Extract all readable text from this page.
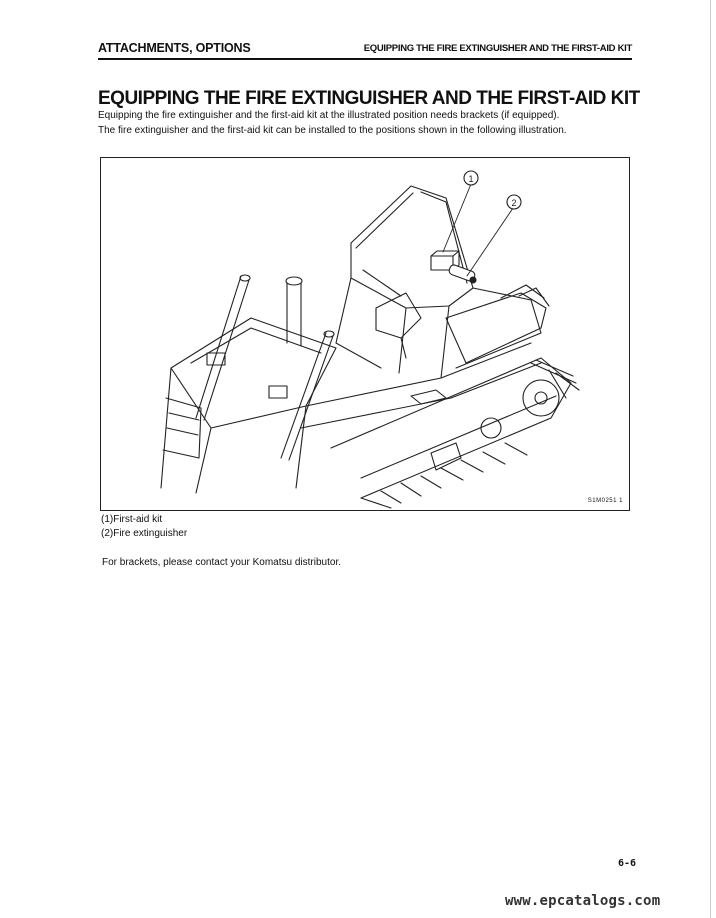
ATTACHMENTS, OPTIONS	EQUIPPING THE FIRE EXTINGUISHER AND THE FIRST-AID KIT
EQUIPPING THE FIRE EXTINGUISHER AND THE FIRST-AID KIT
Equipping the fire extinguisher and the first-aid kit at the illustrated position needs brackets (if equipped).
The fire extinguisher and the first-aid kit can be installed to the positions shown in the following illustration.
1
2
S1M0251 1
(1)First-aid kit
(2)Fire extinguisher
For brackets, please contact your Komatsu distributor.
6-6
www.epcatalogs.com
